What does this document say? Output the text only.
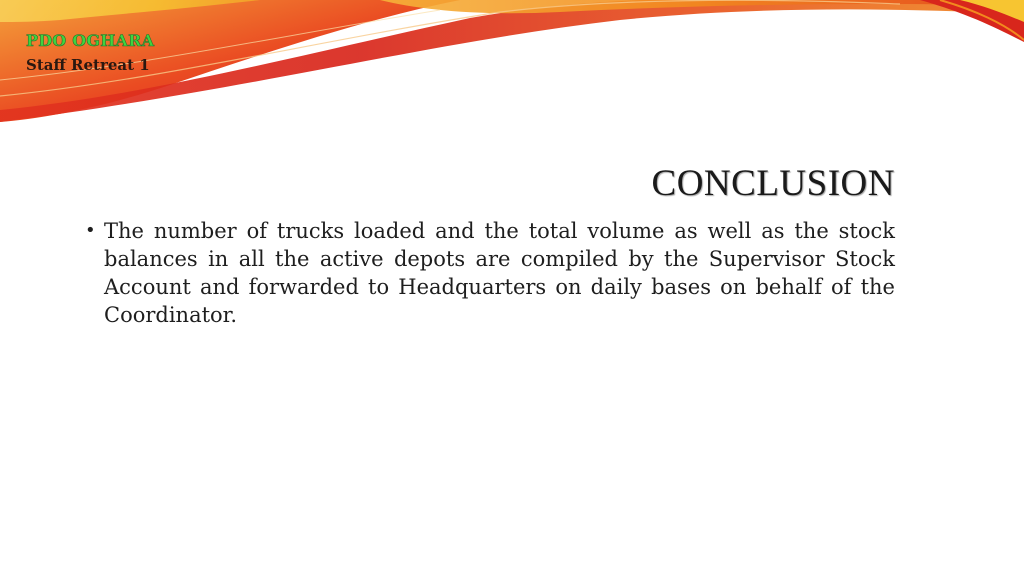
PDO OGHARA
Staff Retreat 1
CONCLUSION
• The number of trucks loaded and the total volume as well as the stock balances in all the active depots are compiled by the Supervisor Stock Account and forwarded to Headquarters on daily bases on behalf of the Coordinator.
